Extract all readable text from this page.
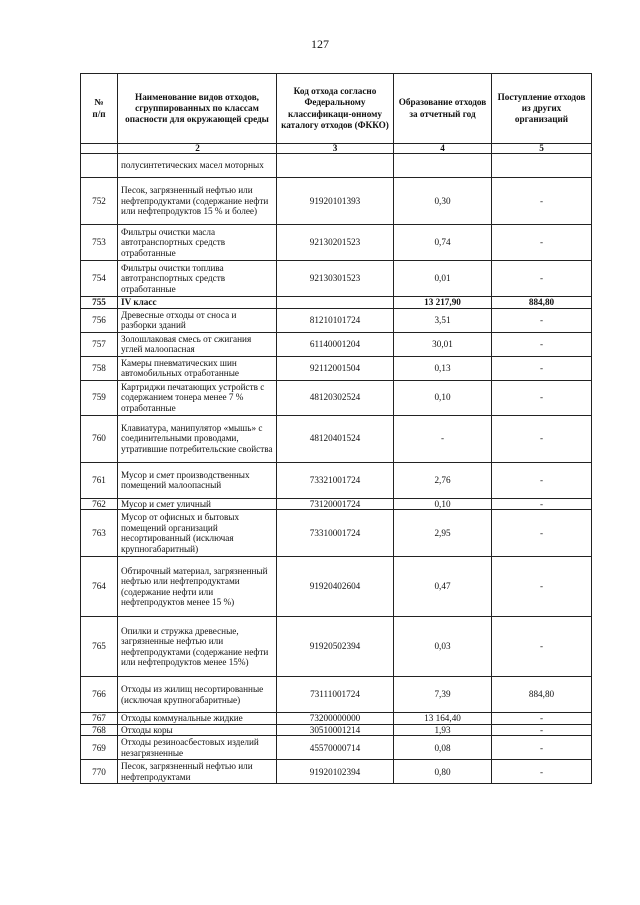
127
№
п/п	Наименование видов отходов, сгруппированных по классам опасности для окружающей среды	Код отхода согласно Федеральному классификаци-онному каталогу отходов (ФККО)	Образование отходов за отчетный год	Поступление отходов из других организаций
	2	3	4	5
	полусинтетических масел моторных			
752	Песок, загрязненный нефтью или нефтепродуктами (содержание нефти или нефтепродуктов 15 % и более)	91920101393	0,30	-
753	Фильтры очистки масла автотранспортных средств отработанные	92130201523	0,74	-
754	Фильтры очистки топлива автотранспортных средств отработанные	92130301523	0,01	-
755	IV класс		13 217,90	884,80
756	Древесные отходы от сноса и разборки зданий	81210101724	3,51	-
757	Золошлаковая смесь от сжигания углей малоопасная	61140001204	30,01	-
758	Камеры пневматических шин автомобильных отработанные	92112001504	0,13	-
759	Картриджи печатающих устройств с содержанием тонера менее 7 % отработанные	48120302524	0,10	-
760	Клавиатура, манипулятор «мышь» с соединительными проводами, утратившие потребительские свойства	48120401524	-	-
761	Мусор и смет производственных помещений малоопасный	73321001724	2,76	-
762	Мусор и смет уличный	73120001724	0,10	-
763	Мусор от офисных и бытовых помещений организаций несортированный (исключая крупногабаритный)	73310001724	2,95	-
764	Обтирочный материал, загрязненный нефтью или нефтепродуктами (содержание нефти или нефтепродуктов менее 15 %)	91920402604	0,47	-
765	Опилки и стружка древесные, загрязненные нефтью или нефтепродуктами (содержание нефти или нефтепродуктов менее 15%)	91920502394	0,03	-
766	Отходы из жилищ несортированные (исключая крупногабаритные)	73111001724	7,39	884,80
767	Отходы коммунальные жидкие	73200000000	13 164,40	-
768	Отходы коры	30510001214	1,93	-
769	Отходы резиноасбестовых изделий незагрязненные	45570000714	0,08	-
770	Песок, загрязненный нефтью или нефтепродуктами	91920102394	0,80	-
